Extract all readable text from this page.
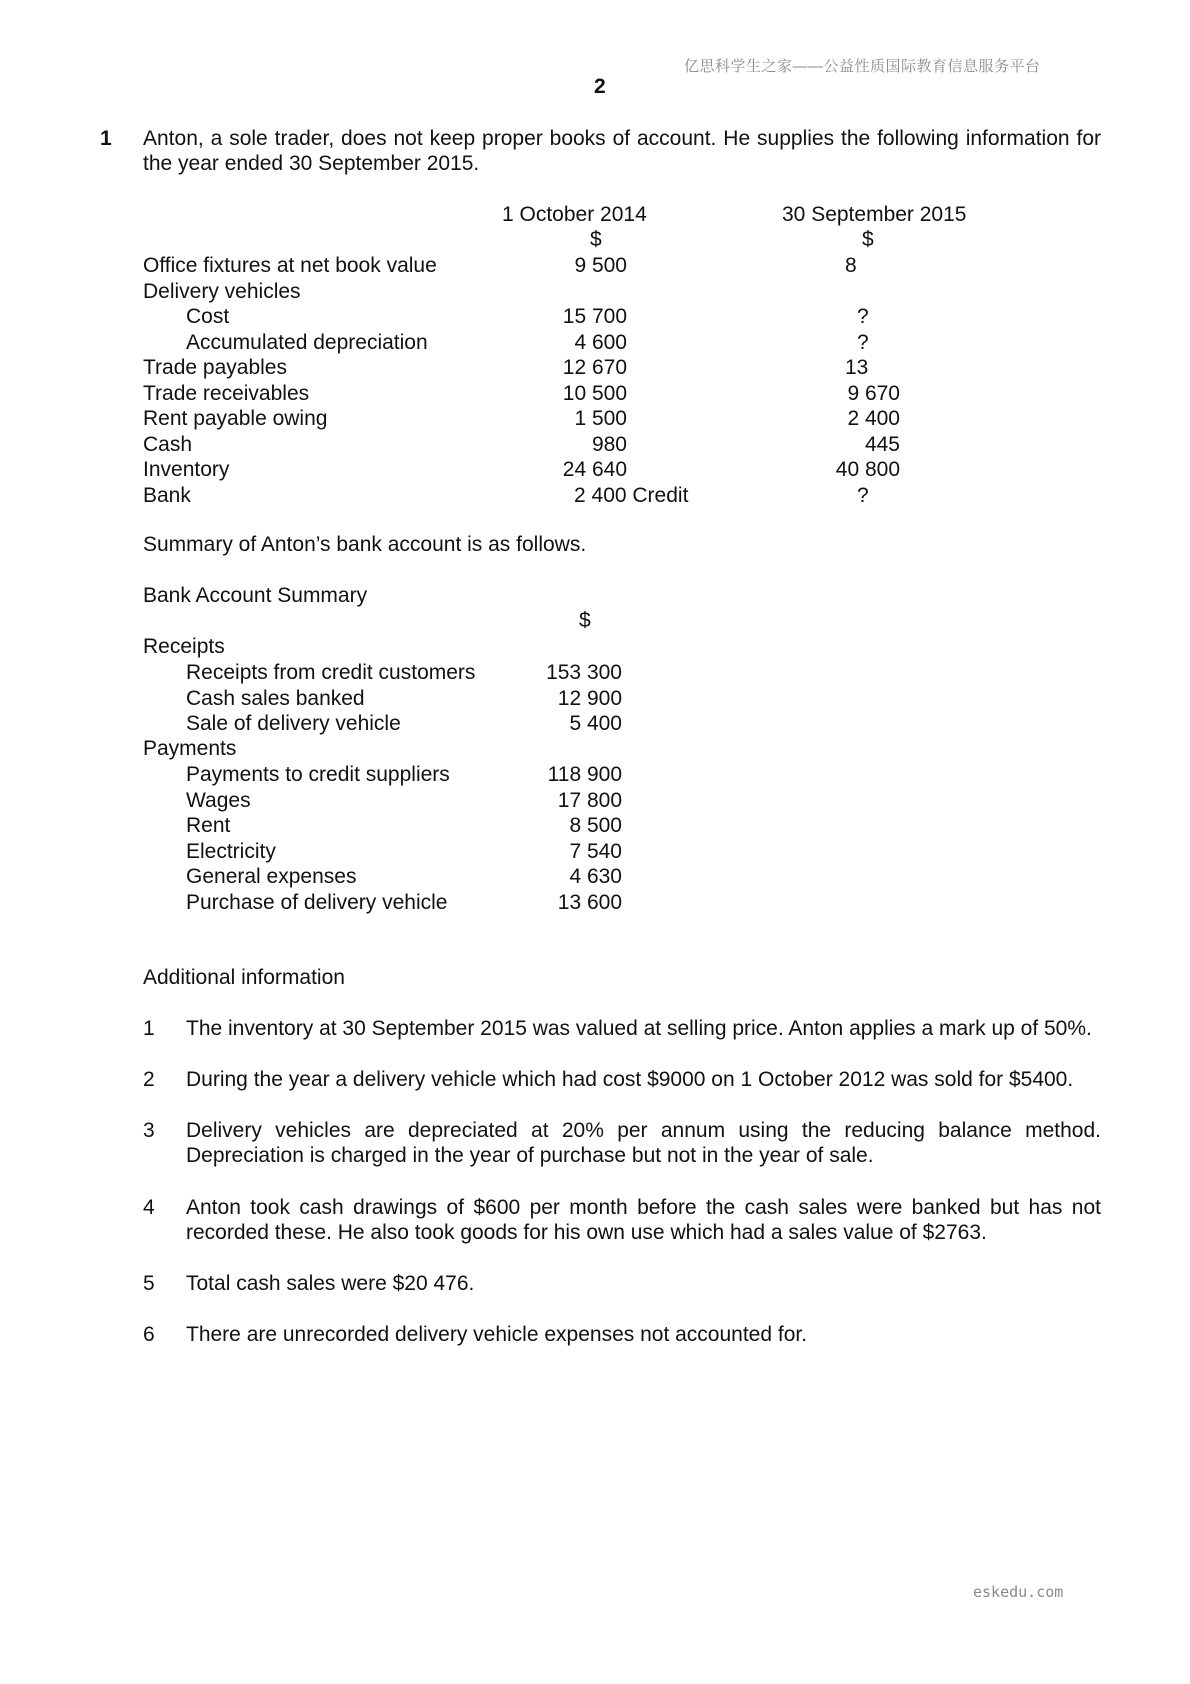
亿思科学生之家——公益性质国际教育信息服务平台
2
1 Anton, a sole trader, does not keep proper books of account. He supplies the following information for the year ended 30 September 2015.
1 October 2014	30 September 2015
$	$
Office fixtures at net book value	9 500	8
Delivery vehicles
Cost	15 700	?
Accumulated depreciation	4 600	?
Trade payables	12 670	13
Trade receivables	10 500	9 670
Rent payable owing	1 500	2 400
Cash	980	445
Inventory	24 640	40 800
Bank	2 400 Credit	?
Summary of Anton’s bank account is as follows.
Bank Account Summary
$
Receipts
Receipts from credit customers	153 300
Cash sales banked	12 900
Sale of delivery vehicle	5 400
Payments
Payments to credit suppliers	118 900
Wages	17 800
Rent	8 500
Electricity	7 540
General expenses	4 630
Purchase of delivery vehicle	13 600
Additional information
1 The inventory at 30 September 2015 was valued at selling price. Anton applies a mark up of 50%.
2 During the year a delivery vehicle which had cost $9000 on 1 October 2012 was sold for $5400.
3 Delivery vehicles are depreciated at 20% per annum using the reducing balance method. Depreciation is charged in the year of purchase but not in the year of sale.
4 Anton took cash drawings of $600 per month before the cash sales were banked but has not recorded these. He also took goods for his own use which had a sales value of $2763.
5 Total cash sales were $20 476.
6 There are unrecorded delivery vehicle expenses not accounted for.
eskedu.com
